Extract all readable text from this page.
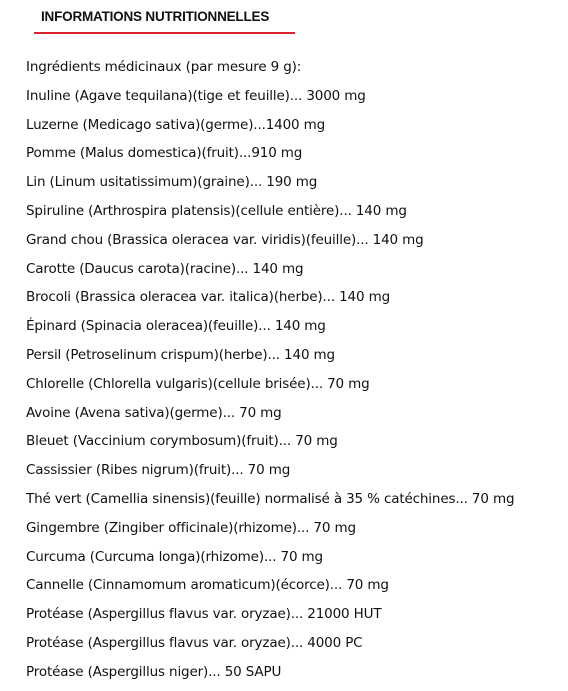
INFORMATIONS NUTRITIONNELLES
Ingrédients médicinaux (par mesure 9 g):
Inuline (Agave tequilana)(tige et feuille)... 3000 mg
Luzerne (Medicago sativa)(germe)...1400 mg
Pomme (Malus domestica)(fruit)...910 mg
Lin (Linum usitatissimum)(graine)... 190 mg
Spiruline (Arthrospira platensis)(cellule entière)... 140 mg
Grand chou (Brassica oleracea var. viridis)(feuille)... 140 mg
Carotte (Daucus carota)(racine)... 140 mg
Brocoli (Brassica oleracea var. italica)(herbe)... 140 mg
Épinard (Spinacia oleracea)(feuille)... 140 mg
Persil (Petroselinum crispum)(herbe)... 140 mg
Chlorelle (Chlorella vulgaris)(cellule brisée)... 70 mg
Avoine (Avena sativa)(germe)... 70 mg
Bleuet (Vaccinium corymbosum)(fruit)... 70 mg
Cassissier (Ribes nigrum)(fruit)... 70 mg
Thé vert (Camellia sinensis)(feuille) normalisé à 35 % catéchines... 70 mg
Gingembre (Zingiber officinale)(rhizome)... 70 mg
Curcuma (Curcuma longa)(rhizome)... 70 mg
Cannelle (Cinnamomum aromaticum)(écorce)... 70 mg
Protéase (Aspergillus flavus var. oryzae)... 21000 HUT
Protéase (Aspergillus flavus var. oryzae)... 4000 PC
Protéase (Aspergillus niger)... 50 SAPU
